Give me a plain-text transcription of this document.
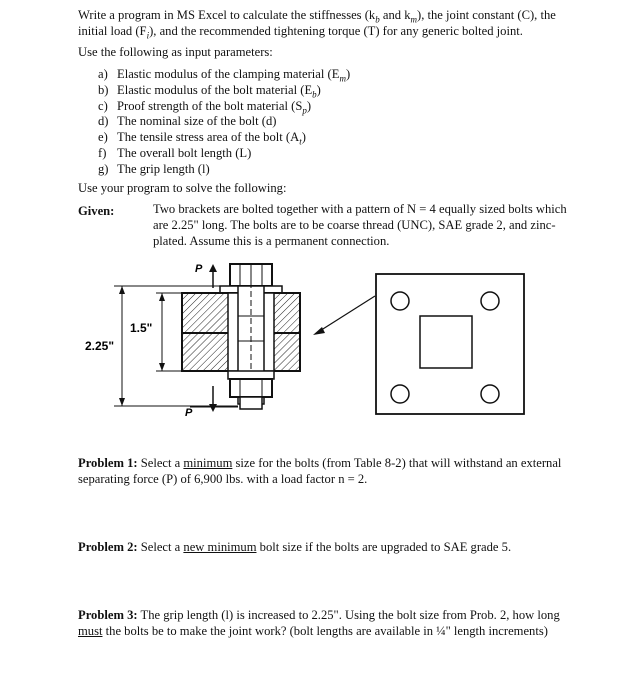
Write a program in MS Excel to calculate the stiffnesses ($k_b$ and $k_m$), the joint constant (C), the
initial load $(F_i)$, and the recommended tightening torque (T) for any generic bolted joint.
Use the following as input parameters:
a) Elastic modulus of the clamping material $(E_m)$
b) Elastic modulus of the bolt material $(E_b)$
c) Proof strength of the bolt material $(S_p)$
d) The nominal size of the bolt (d)
e) The tensile stress area of the bolt $(A_t)$
f) The overall bolt length (L)
g) The grip length (l)
Use your program to solve the following:
Given:	Two brackets are bolted together with a pattern of N = 4 equally sized bolts which
are 2.25" long. The bolts are to be coarse thread (UNC), SAE grade 2, and zinc-
plated. Assume this is a permanent connection.
P
P
1.5"
2.25"
Problem 1: Select a minimum size for the bolts (from Table 8-2) that will withstand an external
separating force (P) of 6,900 lbs. with a load factor n = 2.
Problem 2: Select a new minimum bolt size if the bolts are upgraded to SAE grade 5.
Problem 3: The grip length (l) is increased to 2.25". Using the bolt size from Prob. 2, how long
must the bolts be to make the joint work? (bolt lengths are available in ¼" length increments)
